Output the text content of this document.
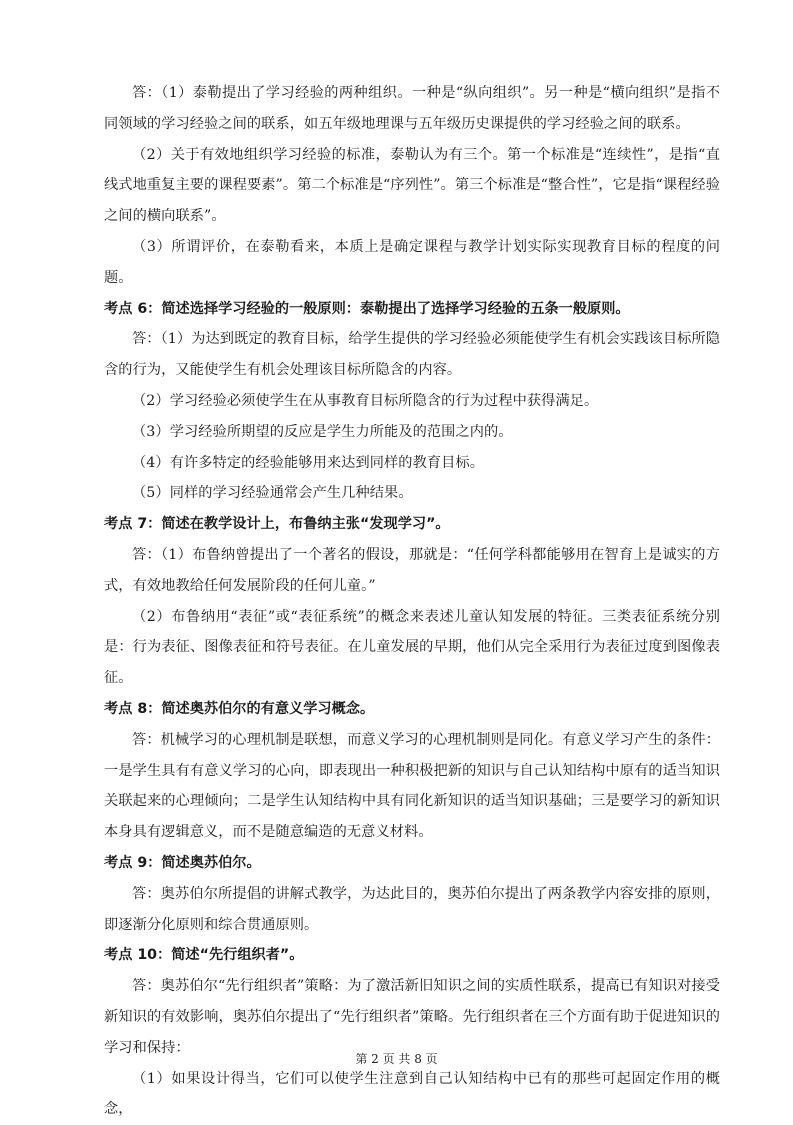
答：（1）泰勒提出了学习经验的两种组织。一种是“纵向组织”。另一种是“横向组织”是指不同领域的学习经验之间的联系，如五年级地理课与五年级历史课提供的学习经验之间的联系。

（2）关于有效地组织学习经验的标准，泰勒认为有三个。第一个标准是“连续性”，是指“直线式地重复主要的课程要素”。第二个标准是“序列性”。第三个标准是“整合性”，它是指“课程经验之间的横向联系”。

（3）所谓评价，在泰勒看来，本质上是确定课程与教学计划实际实现教育目标的程度的问题。

考点 6：简述选择学习经验的一般原则：泰勒提出了选择学习经验的五条一般原则。

答：（1）为达到既定的教育目标，给学生提供的学习经验必须能使学生有机会实践该目标所隐含的行为，又能使学生有机会处理该目标所隐含的内容。

（2）学习经验必须使学生在从事教育目标所隐含的行为过程中获得满足。

（3）学习经验所期望的反应是学生力所能及的范围之内的。

（4）有许多特定的经验能够用来达到同样的教育目标。

（5）同样的学习经验通常会产生几种结果。

考点 7：简述在教学设计上，布鲁纳主张“发现学习”。

答：（1）布鲁纳曾提出了一个著名的假设，那就是：“任何学科都能够用在智育上是诚实的方式，有效地教给任何发展阶段的任何儿童。”

（2）布鲁纳用“表征”或“表征系统”的概念来表述儿童认知发展的特征。三类表征系统分别是：行为表征、图像表征和符号表征。在儿童发展的早期，他们从完全采用行为表征过度到图像表征。

考点 8：简述奥苏伯尔的有意义学习概念。

答：机械学习的心理机制是联想，而意义学习的心理机制则是同化。有意义学习产生的条件：一是学生具有有意义学习的心向，即表现出一种积极把新的知识与自己认知结构中原有的适当知识关联起来的心理倾向；二是学生认知结构中具有同化新知识的适当知识基础；三是要学习的新知识本身具有逻辑意义，而不是随意编造的无意义材料。

考点 9：简述奥苏伯尔。

答：奥苏伯尔所提倡的讲解式教学，为达此目的，奥苏伯尔提出了两条教学内容安排的原则，即逐渐分化原则和综合贯通原则。

考点 10：简述“先行组织者”。

答：奥苏伯尔“先行组织者”策略：为了激活新旧知识之间的实质性联系，提高已有知识对接受新知识的有效影响，奥苏伯尔提出了“先行组织者”策略。先行组织者在三个方面有助于促进知识的学习和保持：

（1）如果设计得当，它们可以使学生注意到自己认知结构中已有的那些可起固定作用的概念，

第 2 页 共 8 页
